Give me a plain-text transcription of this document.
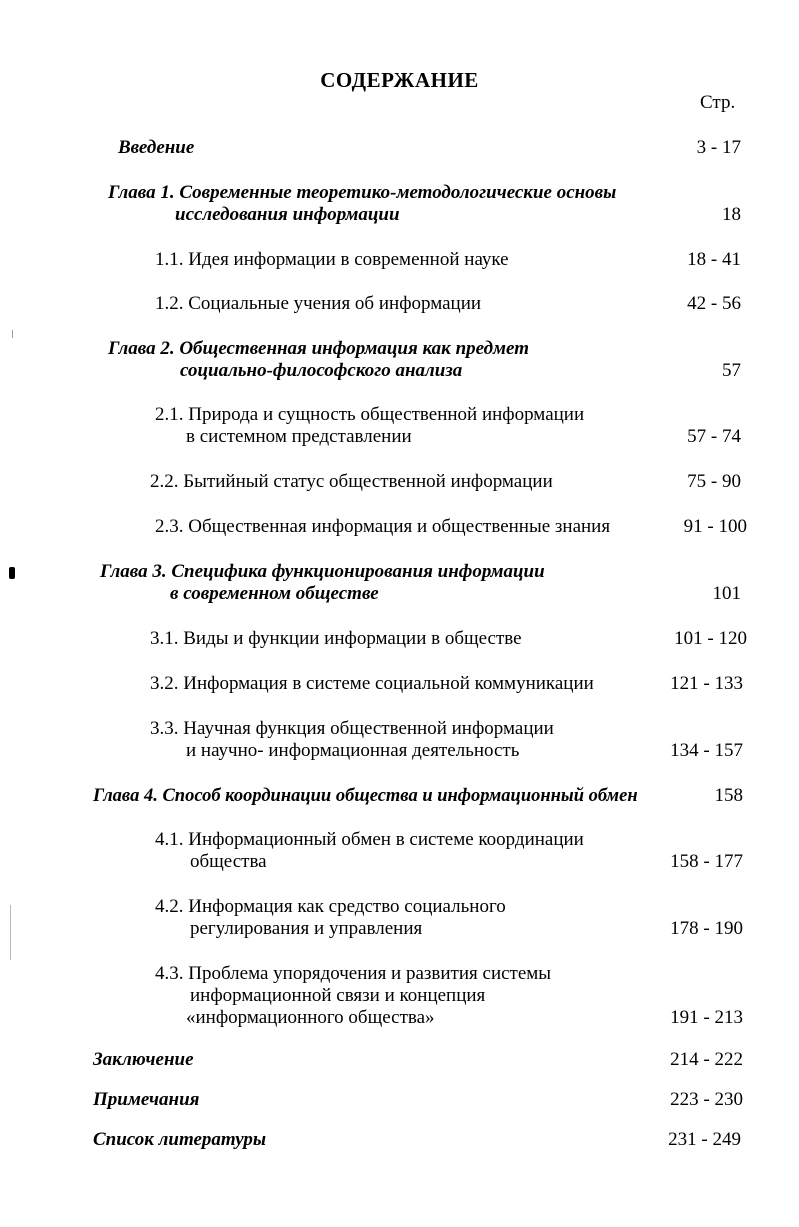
СОДЕРЖАНИЕ
Стр.
Введение	3 - 17
Глава 1. Современные теоретико-методологические основы
исследования информации	18
1.1. Идея информации в современной науке	18 - 41
1.2. Социальные учения об информации	42 - 56
Глава 2. Общественная информация как предмет
социально-философского анализа	57
2.1. Природа и сущность общественной информации
в системном представлении	57 - 74
2.2. Бытийный статус общественной информации	75 - 90
2.3. Общественная информация и общественные знания	91 - 100
Глава 3. Специфика функционирования информации
в современном обществе	101
3.1. Виды и функции информации в обществе	101 - 120
3.2. Информация в системе социальной коммуникации	121 - 133
3.3. Научная функция общественной информации
и научно- информационная деятельность	134 - 157
Глава 4. Способ координации общества и информационный обмен	158
4.1. Информационный обмен в системе координации
общества	158 - 177
4.2. Информация как средство социального
регулирования и управления	178 - 190
4.3. Проблема упорядочения и развития системы
информационной связи и концепция
«информационного общества»	191 - 213
Заключение	214 - 222
Примечания	223 - 230
Список литературы	231 - 249
